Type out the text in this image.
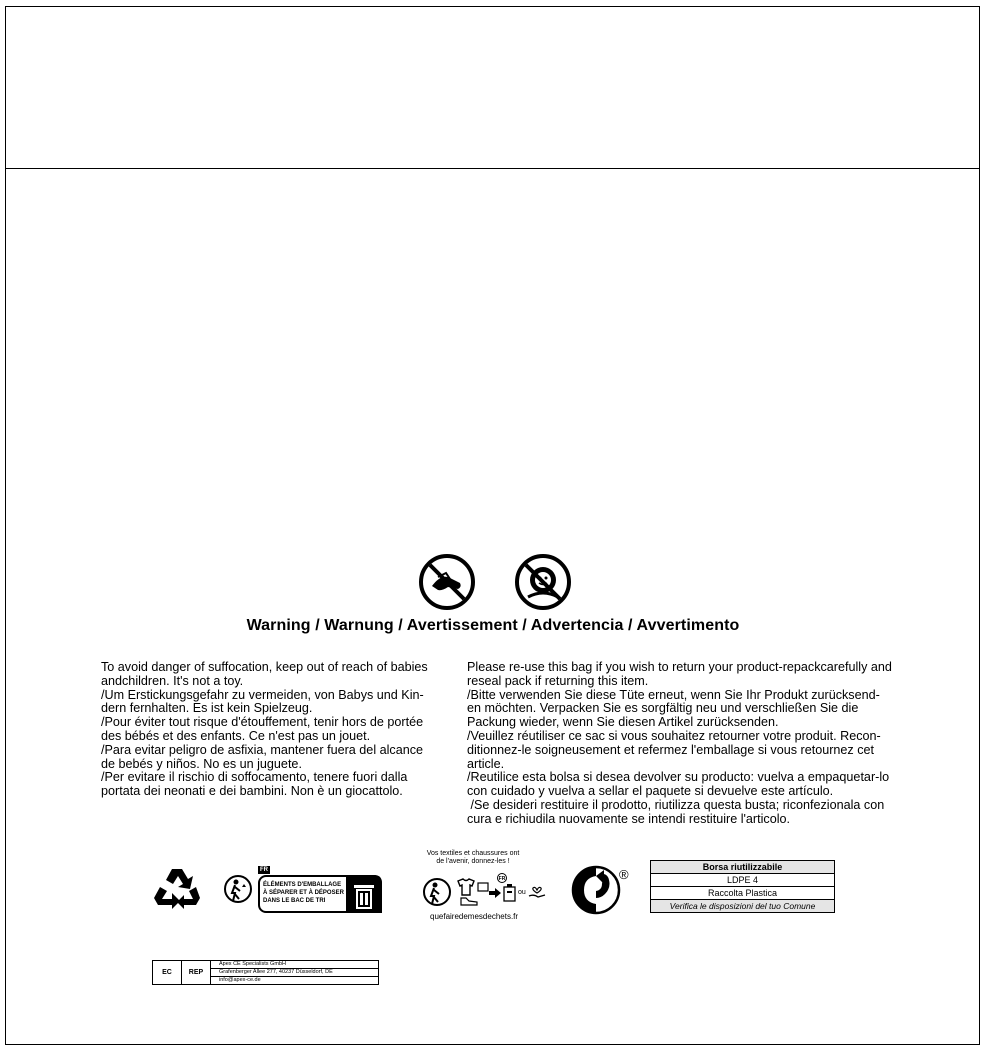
Warning / Warnung / Avertissement / Advertencia / Avvertimento

To avoid danger of suffocation, keep out of reach of babies andchildren. It's not a toy.

/Um Erstickungsgefahr zu vermeiden, von Babys und Kin-dern fernhalten. Es ist kein Spielzeug.

/Pour éviter tout risque d'étouffement, tenir hors de portée des bébés et des enfants. Ce n'est pas un jouet.

/Para evitar peligro de asfixia, mantener fuera del alcance de bebés y niños. No es un juguete.

/Per evitare il rischio di soffocamento, tenere fuori dalla portata dei neonati e dei bambini. Non è un giocattolo.

Please re-use this bag if you wish to return your product-repackcarefully and reseal pack if returning this item.

/Bitte verwenden Sie diese Tüte erneut, wenn Sie Ihr Produkt zurücksend-en möchten. Verpacken Sie es sorgfältig neu und verschließen Sie die Packung wieder, wenn Sie diesen Artikel zurücksenden.

/Veuillez réutiliser ce sac si vous souhaitez retourner votre produit. Recon-ditionnez-le soigneusement et refermez l'emballage si vous retournez cet article.

/Reutilice esta bolsa si desea devolver su producto: vuelva a empaquetar-lo con cuidado y vuelva a sellar el paquete si devuelve este artículo.

/Se desideri restituire il prodotto, riutilizza questa busta; riconfezionala con cura e richiudila nuovamente se intendi restituire l'articolo.

FR
ÉLÉMENTS D'EMBALLAGE
À SÉPARER ET À DÉPOSER
DANS LE BAC DE TRI
Vos textiles et chaussures ont
de l'avenir, donnez-les !
FR
ou
quefairedemesdechets.fr
®	Borsa riutilizzabile
LDPE 4
Raccolta Plastica
Verifica le disposizioni del tuo Comune
EC	REP
Apex CE Specialists GmbH
Grafenberger Allee 277, 40237 Düsseldorf, DE
info@apex-ce.de
